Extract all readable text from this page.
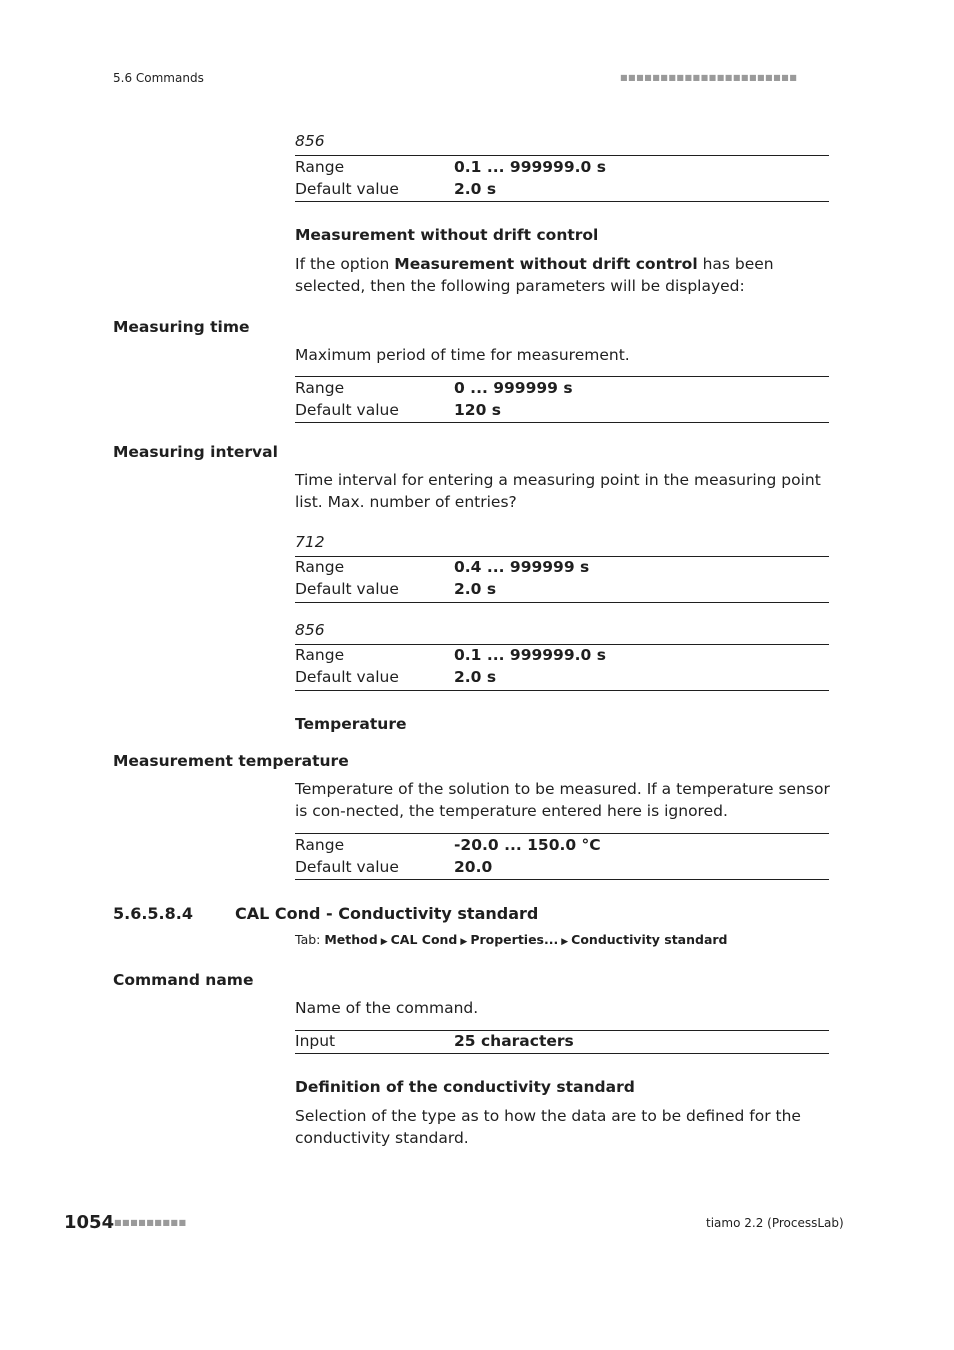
5.6 Commands	■■■■■■■■■■■■■■■■■■■■■■
856
Range	0.1 ... 999999.0 s
Default value	2.0 s
Measurement without drift control
If the option Measurement without drift control has been selected, then the following parameters will be displayed:
Measuring time
Maximum period of time for measurement.
Range	0 ... 999999 s
Default value	120 s
Measuring interval
Time interval for entering a measuring point in the measuring point list. Max. number of entries?
712
Range	0.4 ... 999999 s
Default value	2.0 s
856
Range	0.1 ... 999999.0 s
Default value	2.0 s
Temperature
Measurement temperature
Temperature of the solution to be measured. If a temperature sensor is con-nected, the temperature entered here is ignored.
Range	-20.0 ... 150.0 °C
Default value	20.0
5.6.5.8.4	CAL Cond - Conductivity standard
Tab: Method ▶ CAL Cond ▶ Properties... ▶ Conductivity standard
Command name
Name of the command.
Input	25 characters
Definition of the conductivity standard
Selection of the type as to how the data are to be defined for the conductivity standard.
1054 ■■■■■■■■■	tiamo 2.2 (ProcessLab)
